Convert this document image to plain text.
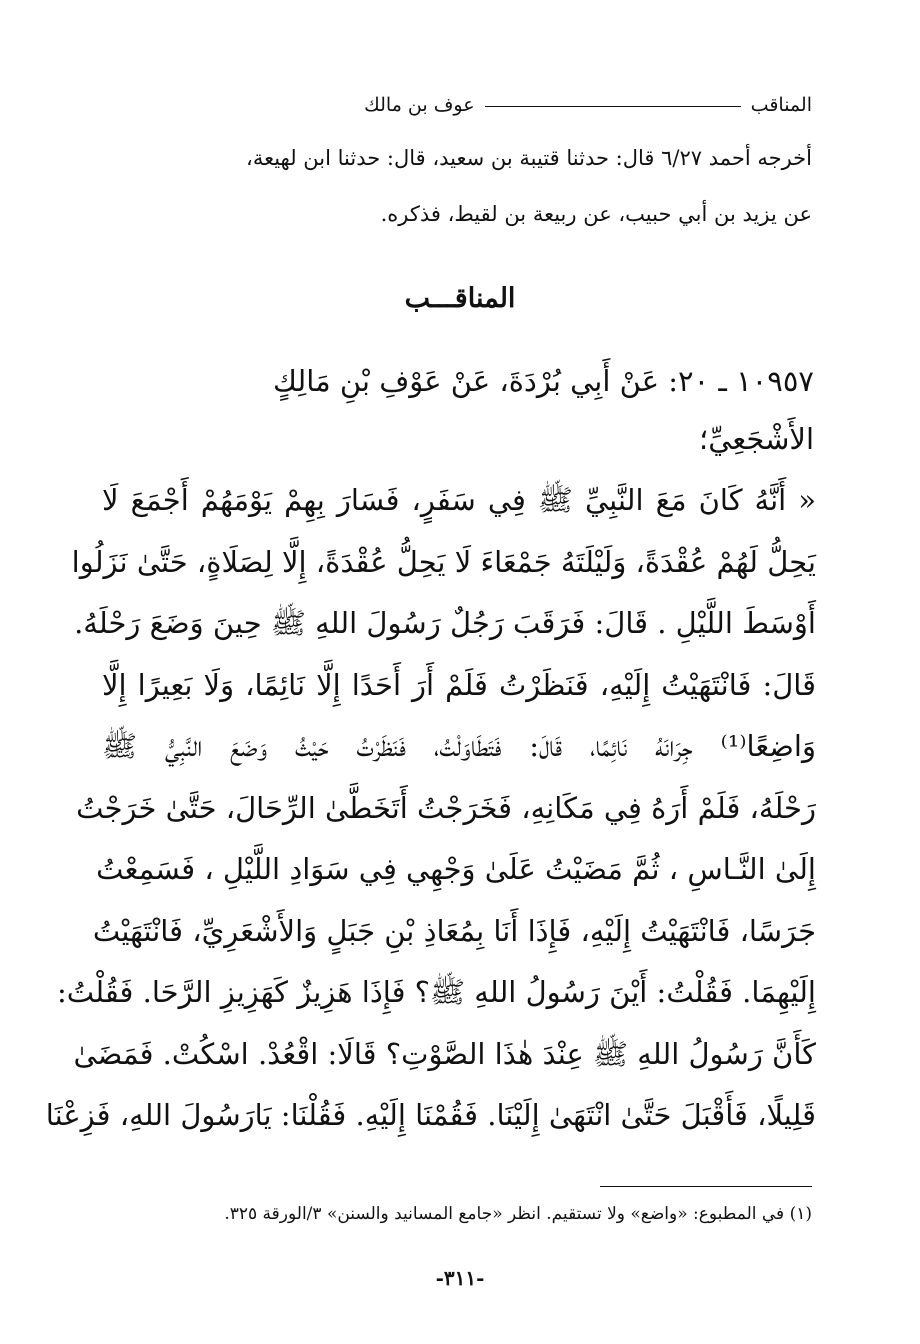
المناقب
عوف بن مالك
أخرجه أحمد ٦/٢٧ قال: حدثنا قتيبة بن سعيد، قال: حدثنا ابن لهيعة،
عن يزيد بن أبي حبيب، عن ربيعة بن لقيط، فذكره.
المناقـــب
١٠٩٥٧ ـ ٢٠: عَنْ أَبِي بُرْدَةَ، عَنْ عَوْفِ بْنِ مَالِكٍ
الأَشْجَعِيِّ؛
« أَنَّهُ كَانَ مَعَ النَّبِيِّ ﷺ فِي سَفَرٍ، فَسَارَ بِهِمْ يَوْمَهُمْ أَجْمَعَ لَا
يَحِلُّ لَهُمْ عُقْدَةً، وَلَيْلَتَهُ جَمْعَاءَ لَا يَحِلُّ عُقْدَةً، إِلَّا لِصَلَاةٍ، حَتَّىٰ نَزَلُوا
أَوْسَطَ اللَّيْلِ . قَالَ: فَرَقَبَ رَجُلٌ رَسُولَ اللهِ ﷺ حِينَ وَضَعَ رَحْلَهُ.
قَالَ: فَانْتَهَيْتُ إِلَيْهِ، فَنَظَرْتُ فَلَمْ أَرَ أَحَدًا إِلَّا نَائِمًا، وَلَا بَعِيرًا إِلَّا
وَاضِعًا⁽¹⁾ جِرَانَهُ نَائِمًا، قَالَ: فَتَطَاوَلْتُ، فَنَظَرْتُ حَيْثُ وَضَعَ النَّبِيُّ ﷺ
رَحْلَهُ، فَلَمْ أَرَهُ فِي مَكَانِهِ، فَخَرَجْتُ أَتَخَطَّىٰ الرِّحَالَ، حَتَّىٰ خَرَجْتُ
إِلَىٰ النَّـاسِ ، ثُمَّ مَضَيْتُ عَلَىٰ وَجْهِي فِي سَوَادِ اللَّيْلِ ، فَسَمِعْتُ
جَرَسًا، فَانْتَهَيْتُ إِلَيْهِ، فَإِذَا أَنَا بِمُعَاذِ بْنِ جَبَلٍ وَالأَشْعَرِيِّ، فَانْتَهَيْتُ
إِلَيْهِمَا. فَقُلْتُ: أَيْنَ رَسُولُ اللهِ ﷺ؟ فَإِذَا هَزِيزٌ كَهَزِيزِ الرَّحَا. فَقُلْتُ:
كَأَنَّ رَسُولُ اللهِ ﷺ عِنْدَ هٰذَا الصَّوْتِ؟ قَالَا: اقْعُدْ. اسْكُتْ. فَمَضَىٰ
قَلِيلًا، فَأَقْبَلَ حَتَّىٰ انْتَهَىٰ إِلَيْنَا. فَقُمْنَا إِلَيْهِ. فَقُلْنَا: يَارَسُولَ اللهِ، فَزِعْنَا
(١) في المطبوع: «واضع» ولا تستقيم. انظر «جامع المسانيد والسنن» ٣/الورقة ٣٢٥.
-٣١١-
